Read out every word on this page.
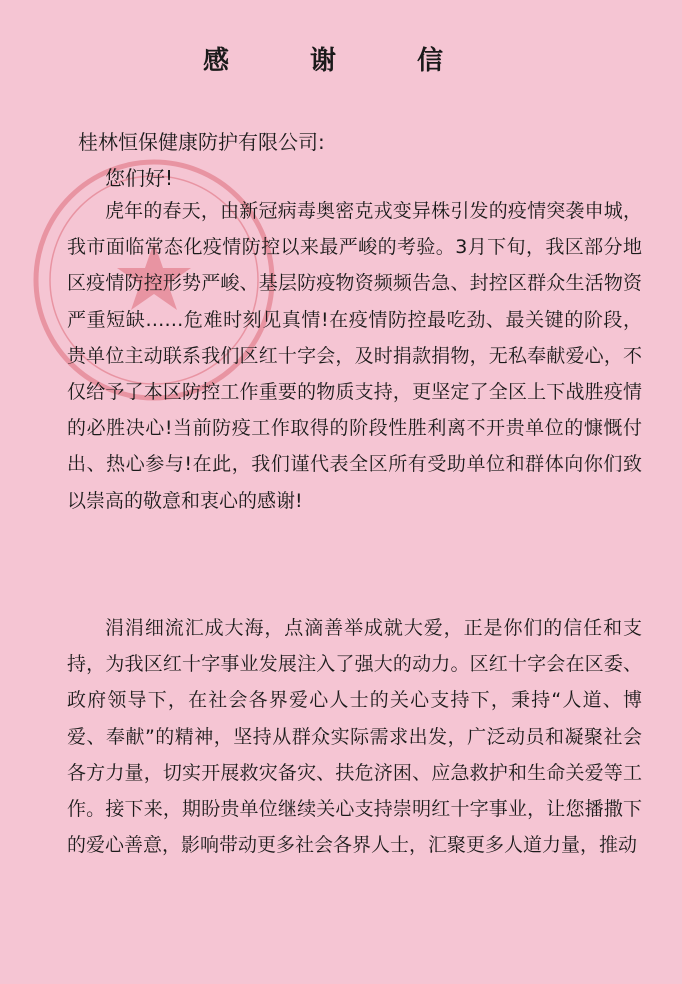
感 谢 信
桂林恒保健康防护有限公司:
您们好!

虎年的春天，由新冠病毒奥密克戎变异株引发的疫情突袭申城，我市面临常态化疫情防控以来最严峻的考验。3月下旬，我区部分地区疫情防控形势严峻、基层防疫物资频频告急、封控区群众生活物资严重短缺……危难时刻见真情!在疫情防控最吃劲、最关键的阶段，贵单位主动联系我们区红十字会，及时捐款捐物，无私奉献爱心，不仅给予了本区防控工作重要的物质支持，更坚定了全区上下战胜疫情的必胜决心!当前防疫工作取得的阶段性胜利离不开贵单位的慷慨付出、热心参与!在此，我们谨代表全区所有受助单位和群体向你们致以崇高的敬意和衷心的感谢!

涓涓细流汇成大海，点滴善举成就大爱，正是你们的信任和支持，为我区红十字事业发展注入了强大的动力。区红十字会在区委、政府领导下，在社会各界爱心人士的关心支持下，秉持“人道、博爱、奉献”的精神，坚持从群众实际需求出发，广泛动员和凝聚社会各方力量，切实开展救灾备灾、扶危济困、应急救护和生命关爱等工作。接下来，期盼贵单位继续关心支持崇明红十字事业，让您播撒下的爱心善意，影响带动更多社会各界人士，汇聚更多人道力量，推动
